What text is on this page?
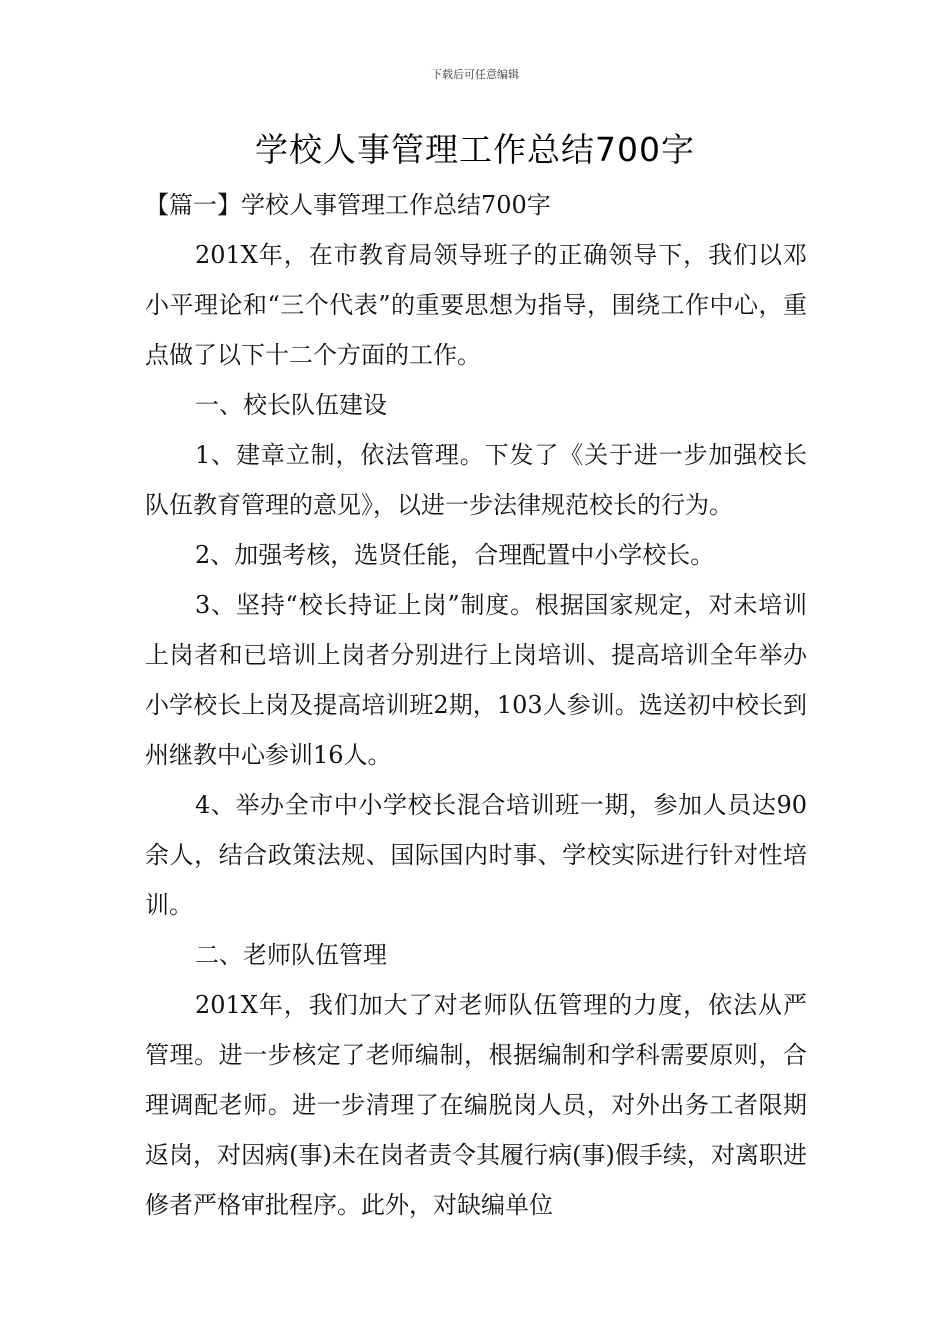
下载后可任意编辑
学校人事管理工作总结700字

【篇一】学校人事管理工作总结700字

201X年，在市教育局领导班子的正确领导下，我们以邓小平理论和“三个代表”的重要思想为指导，围绕工作中心，重点做了以下十二个方面的工作。

一、校长队伍建设

1、建章立制，依法管理。下发了《关于进一步加强校长队伍教育管理的意见》，以进一步法律规范校长的行为。

2、加强考核，选贤任能，合理配置中小学校长。

3、坚持“校长持证上岗”制度。根据国家规定，对未培训上岗者和已培训上岗者分别进行上岗培训、提高培训全年举办小学校长上岗及提高培训班2期，103人参训。选送初中校长到州继教中心参训16人。

4、举办全市中小学校长混合培训班一期，参加人员达90余人，结合政策法规、国际国内时事、学校实际进行针对性培训。

二、老师队伍管理

201X年，我们加大了对老师队伍管理的力度，依法从严管理。进一步核定了老师编制，根据编制和学科需要原则，合理调配老师。进一步清理了在编脱岗人员，对外出务工者限期返岗，对因病(事)未在岗者责令其履行病(事)假手续，对离职进修者严格审批程序。此外，对缺编单位
